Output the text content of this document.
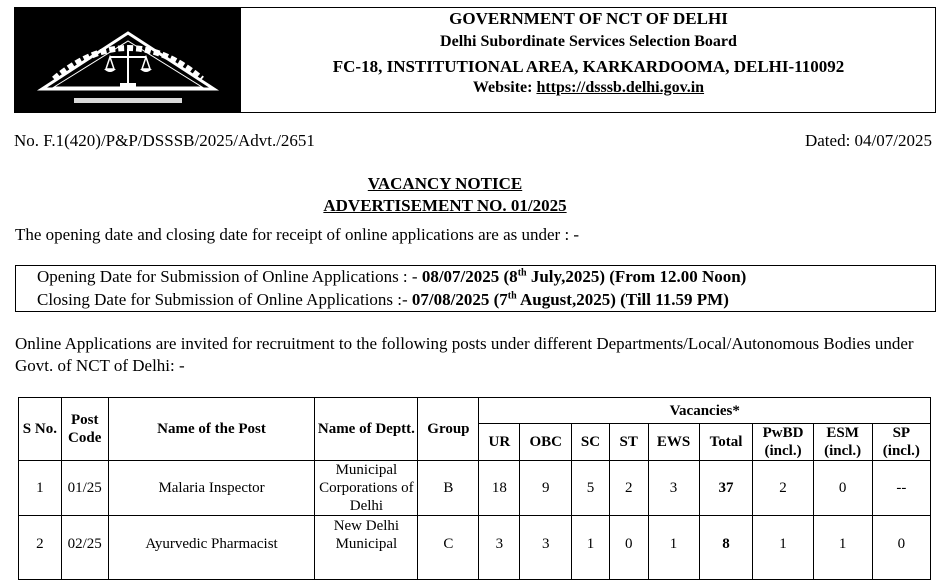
GOVERNMENT OF NCT OF DELHI
Delhi Subordinate Services Selection Board
FC-18, INSTITUTIONAL AREA, KARKARDOOMA, DELHI-110092
Website: https://dsssb.delhi.gov.in
No. F.1(420)/P&P/DSSSB/2025/Advt./2651	Dated: 04/07/2025
VACANCY NOTICE
ADVERTISEMENT NO. 01/2025
The opening date and closing date for receipt of online applications are as under : -
Opening Date for Submission of Online Applications : - 08/07/2025 (8th July,2025) (From 12.00 Noon)
Closing Date for Submission of Online Applications :- 07/08/2025 (7th August,2025) (Till 11.59 PM)
Online Applications are invited for recruitment to the following posts under different Departments/Local/Autonomous Bodies under Govt. of NCT of Delhi: -
S No.	Post Code	Name of the Post	Name of Deptt.	Group	Vacancies*								
					UR	OBC	SC	ST	EWS	Total	PwBD (incl.)	ESM (incl.)	SP (incl.)
1	01/25	Malaria Inspector	Municipal Corporations of Delhi	B	18	9	5	2	3	37	2	0	--
2	02/25	Ayurvedic Pharmacist	New Delhi Municipal	C	3	3	1	0	1	8	1	1	0
